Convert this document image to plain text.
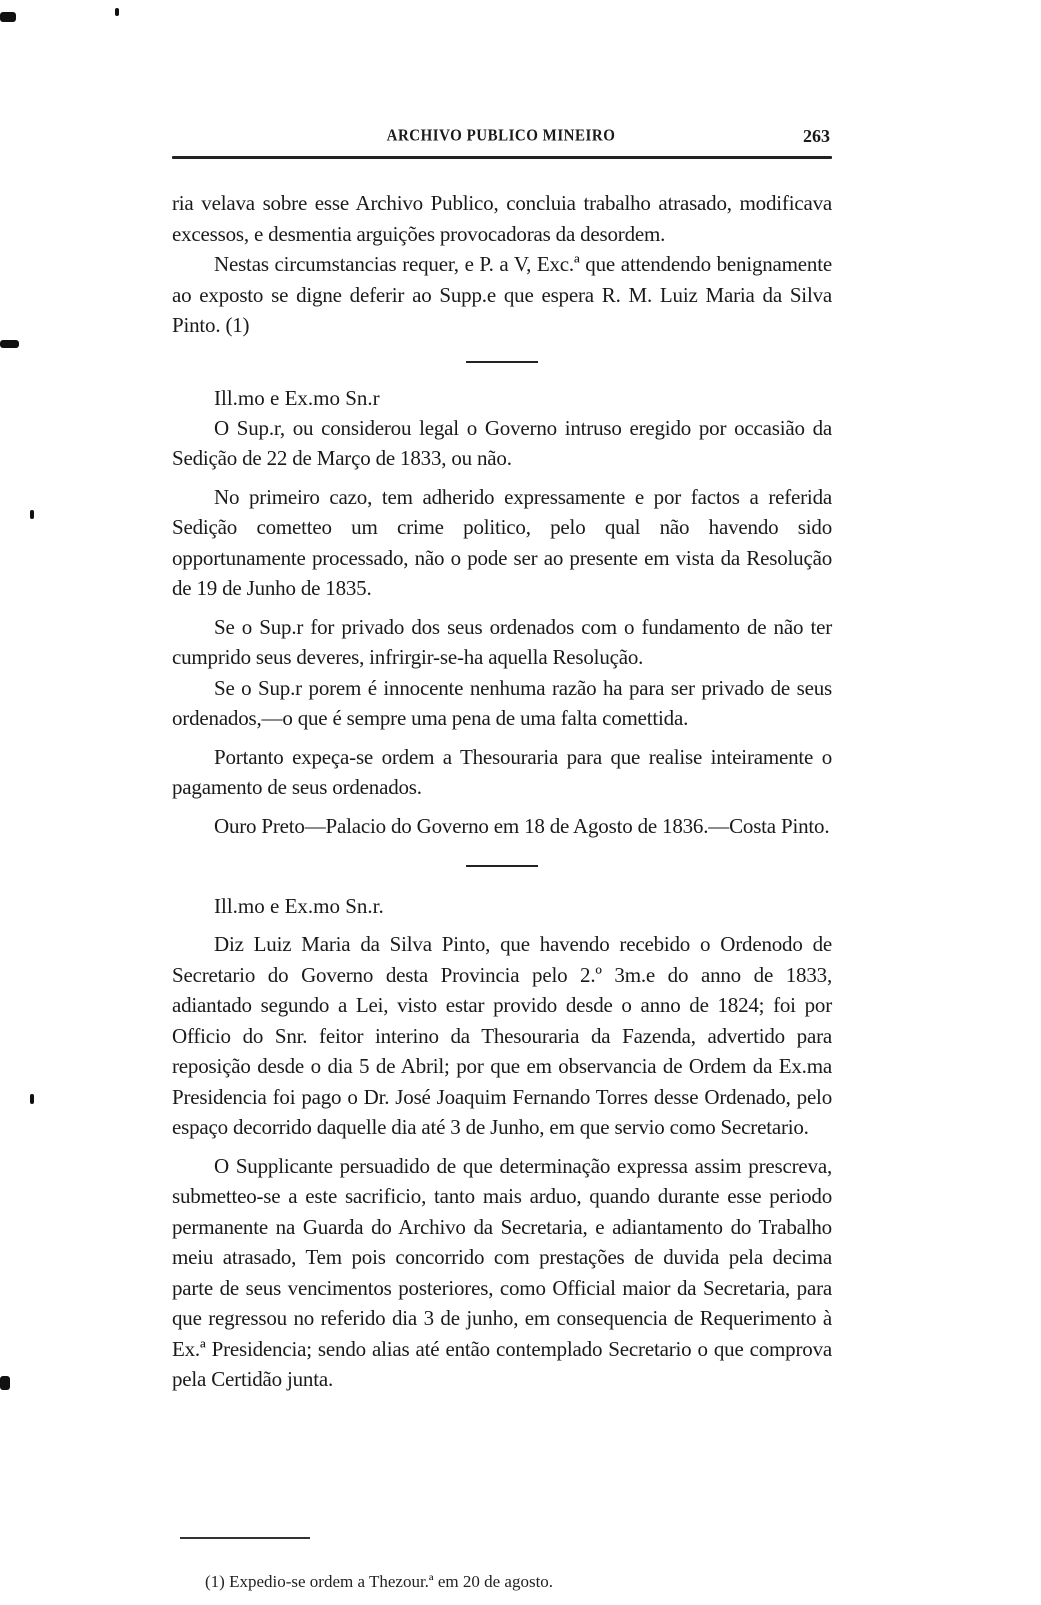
ARCHIVO PUBLICO MINEIRO	263

ria velava sobre esse Archivo Publico, concluia trabalho atrasado, modificava excessos, e desmentia arguições provocadoras da desordem.

Nestas circumstancias requer, e P. a V, Exc.ª que attendendo benignamente ao exposto se digne deferir ao Supp.e que espera R. M. Luiz Maria da Silva Pinto. (1)

Ill.mo e Ex.mo Sn.r

O Sup.r, ou considerou legal o Governo intruso eregido por occasião da Sedição de 22 de Março de 1833, ou não.

No primeiro cazo, tem adherido expressamente e por factos a referida Sedição cometteo um crime politico, pelo qual não havendo sido opportunamente processado, não o pode ser ao presente em vista da Resolução de 19 de Junho de 1835.

Se o Sup.r for privado dos seus ordenados com o fundamento de não ter cumprido seus deveres, infrirgir-se-ha aquella Resolução.

Se o Sup.r porem é innocente nenhuma razão ha para ser privado de seus ordenados,—o que é sempre uma pena de uma falta comettida.

Portanto expeça-se ordem a Thesouraria para que realise inteiramente o pagamento de seus ordenados.

Ouro Preto—Palacio do Governo em 18 de Agosto de 1836.—Costa Pinto.

Ill.mo e Ex.mo Sn.r.

Diz Luiz Maria da Silva Pinto, que havendo recebido o Ordenodo de Secretario do Governo desta Provincia pelo 2.º 3m.e do anno de 1833, adiantado segundo a Lei, visto estar provido desde o anno de 1824; foi por Officio do Snr. feitor interino da Thesouraria da Fazenda, advertido para reposição desde o dia 5 de Abril; por que em observancia de Ordem da Ex.ma Presidencia foi pago o Dr. José Joaquim Fernando Torres desse Ordenado, pelo espaço decorrido daquelle dia até 3 de Junho, em que servio como Secretario.

O Supplicante persuadido de que determinação expressa assim prescreva, submetteo-se a este sacrificio, tanto mais arduo, quando durante esse periodo permanente na Guarda do Archivo da Secretaria, e adiantamento do Trabalho meiu atrasado, Tem pois concorrido com prestações de duvida pela decima parte de seus vencimentos posteriores, como Official maior da Secretaria, para que regressou no referido dia 3 de junho, em consequencia de Requerimento à Ex.ª Presidencia; sendo alias até então contemplado Secretario o que comprova pela Certidão junta.

(1) Expedio-se ordem a Thezour.ª em 20 de agosto.
